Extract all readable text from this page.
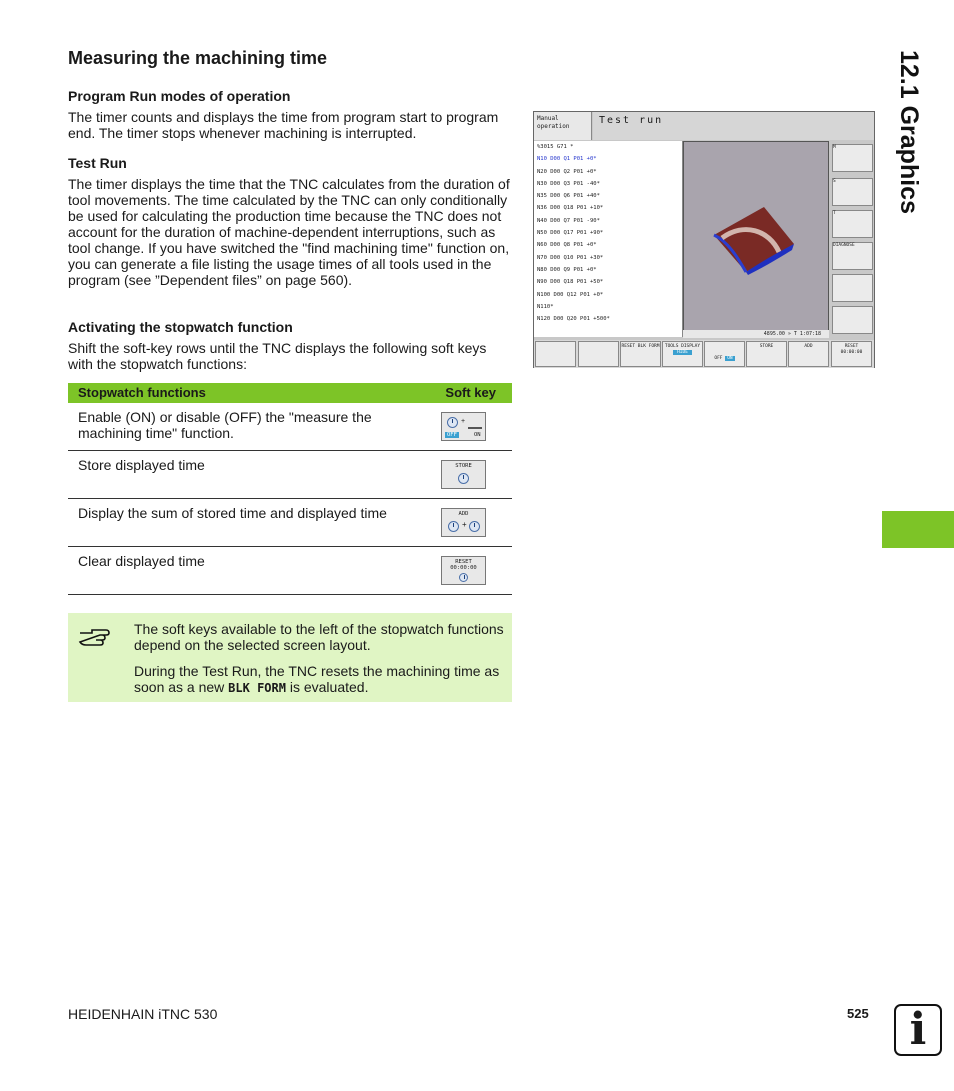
12.1 Graphics
Measuring the machining time
Program Run modes of operation

The timer counts and displays the time from program start to program end. The timer stops whenever machining is interrupted.

Test Run

The timer displays the time that the TNC calculates from the duration of tool movements. The time calculated by the TNC can only conditionally be used for calculating the production time because the TNC does not account for the duration of machine-dependent interruptions, such as tool change. If you have switched the "find machining time" function on, you can generate a file listing the usage times of all tools used in the program (see ”Dependent files” on page 560).

Activating the stopwatch function

Shift the soft-key rows until the TNC displays the following soft keys with the stopwatch functions:

Manual operation
Test run
%3015 G71 *
N10 D00 Q1 P01 +0*
N20 D00 Q2 P01 +0*
N30 D00 Q3 P01 -40*
N35 D00 Q6 P01 +40*
N36 D00 Q18 P01 +10*
N40 D00 Q7 P01 -90*
N50 D00 Q17 P01 +90*
N60 D00 Q8 P01 +0*
N70 D00 Q10 P01 +30*
N80 D00 Q9 P01 +0*
N90 D00 Q18 P01 +50*
N100 D00 Q12 P01 +0*
N110*
N120 D00 Q20 P01 +500*
4895.00 » T 1:07:18
M
S
T
DIAGNOSE
RESET BLK FORM	TOOLS DISPLAY
HIDE

OFF ON
STORE	ADD	RESET
00:00:00
Stopwatch functions	Soft key
Enable (ON) or disable (OFF) the "measure the machining time" function.
+
OFF	ON
Store displayed time	STORE
Display the sum of stored time and displayed time	ADD
+
Clear displayed time	RESET
00:00:00

The soft keys available to the left of the stopwatch functions depend on the selected screen layout.

During the Test Run, the TNC resets the machining time as soon as a new BLK FORM is evaluated.

HEIDENHAIN iTNC 530	525 i
